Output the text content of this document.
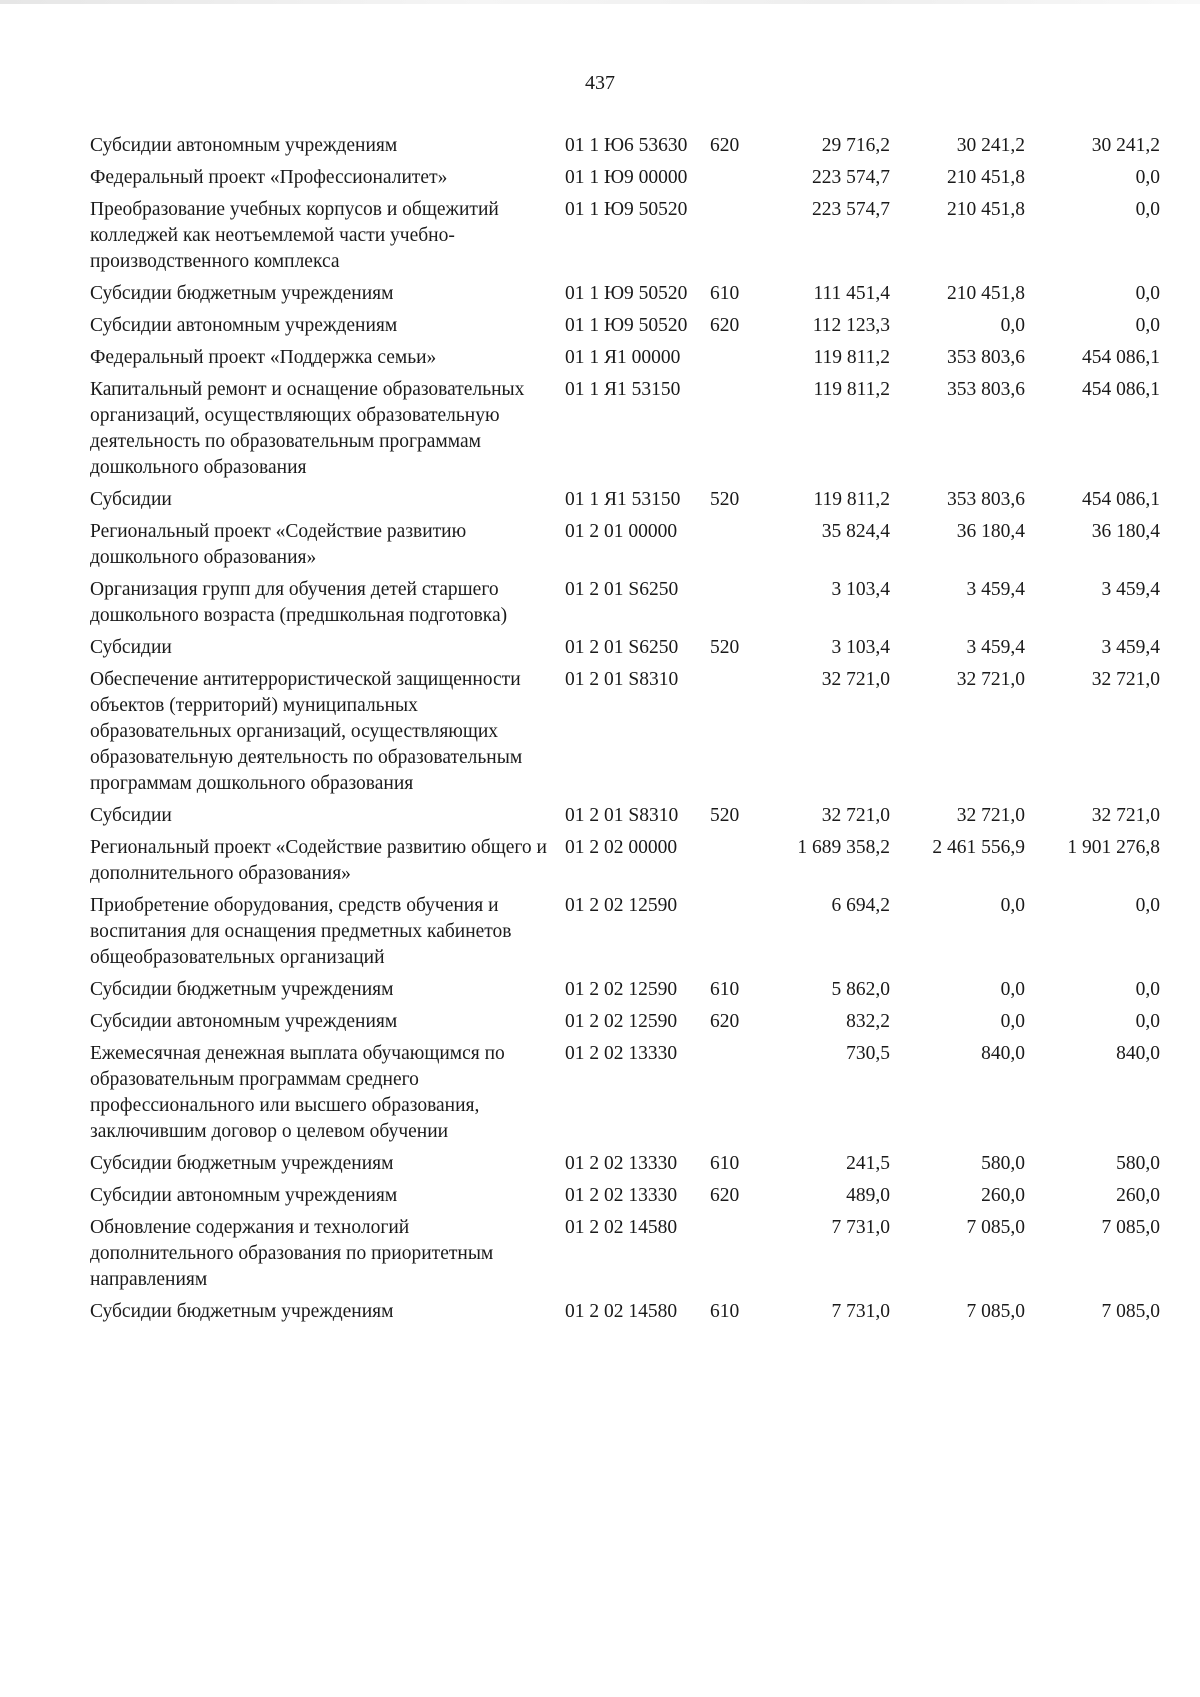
437
Субсидии автономным учреждениям	01 1 Ю6 53630	620	29 716,2	30 241,2	30 241,2
Федеральный проект «Профессионалитет»	01 1 Ю9 00000		223 574,7	210 451,8	0,0
Преобразование учебных корпусов и общежитий колледжей как неотъемлемой части учебно-производственного комплекса	01 1 Ю9 50520		223 574,7	210 451,8	0,0
Субсидии бюджетным учреждениям	01 1 Ю9 50520	610	111 451,4	210 451,8	0,0
Субсидии автономным учреждениям	01 1 Ю9 50520	620	112 123,3	0,0	0,0
Федеральный проект «Поддержка семьи»	01 1 Я1 00000		119 811,2	353 803,6	454 086,1
Капитальный ремонт и оснащение образовательных организаций, осуществляющих образовательную деятельность по образовательным программам дошкольного образования	01 1 Я1 53150		119 811,2	353 803,6	454 086,1
Субсидии	01 1 Я1 53150	520	119 811,2	353 803,6	454 086,1
Региональный проект «Содействие развитию дошкольного образования»	01 2 01 00000		35 824,4	36 180,4	36 180,4
Организация групп для обучения детей старшего дошкольного возраста (предшкольная подготовка)	01 2 01 S6250		3 103,4	3 459,4	3 459,4
Субсидии	01 2 01 S6250	520	3 103,4	3 459,4	3 459,4
Обеспечение антитеррористической защищенности объектов (территорий) муниципальных образовательных организаций, осуществляющих образовательную деятельность по образовательным программам дошкольного образования	01 2 01 S8310		32 721,0	32 721,0	32 721,0
Субсидии	01 2 01 S8310	520	32 721,0	32 721,0	32 721,0
Региональный проект «Содействие развитию общего и дополнительного образования»	01 2 02 00000		1 689 358,2	2 461 556,9	1 901 276,8
Приобретение оборудования, средств обучения и воспитания для оснащения предметных кабинетов общеобразовательных организаций	01 2 02 12590		6 694,2	0,0	0,0
Субсидии бюджетным учреждениям	01 2 02 12590	610	5 862,0	0,0	0,0
Субсидии автономным учреждениям	01 2 02 12590	620	832,2	0,0	0,0
Ежемесячная денежная выплата обучающимся по образовательным программам среднего профессионального или высшего образования, заключившим договор о целевом обучении	01 2 02 13330		730,5	840,0	840,0
Субсидии бюджетным учреждениям	01 2 02 13330	610	241,5	580,0	580,0
Субсидии автономным учреждениям	01 2 02 13330	620	489,0	260,0	260,0
Обновление содержания и технологий дополнительного образования по приоритетным направлениям	01 2 02 14580		7 731,0	7 085,0	7 085,0
Субсидии бюджетным учреждениям	01 2 02 14580	610	7 731,0	7 085,0	7 085,0
